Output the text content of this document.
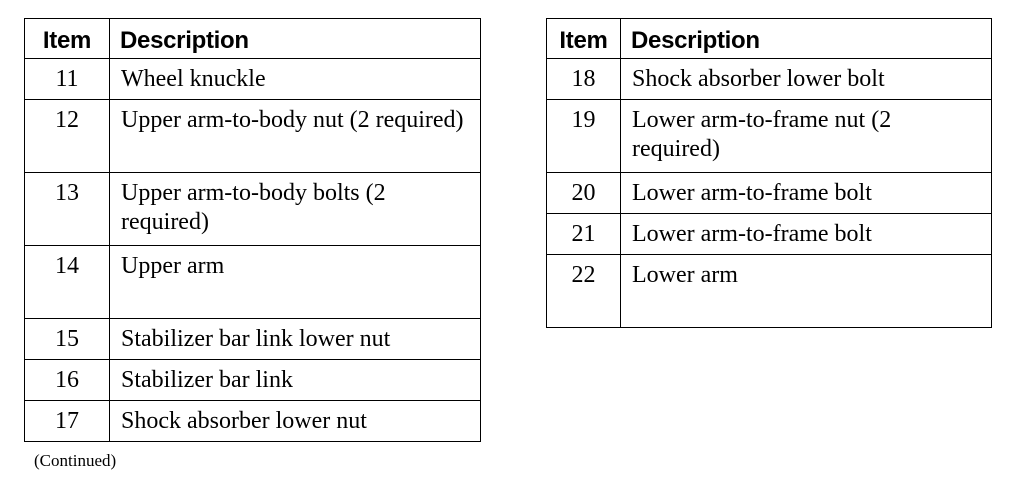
Item	Description
11	Wheel knuckle
12	Upper arm-to-body nut (2 required)
13	Upper arm-to-body bolts (2 required)
14	Upper arm
15	Stabilizer bar link lower nut
16	Stabilizer bar link
17	Shock absorber lower nut
Item	Description
18	Shock absorber lower bolt
19	Lower arm-to-frame nut (2 required)
20	Lower arm-to-frame bolt
21	Lower arm-to-frame bolt
22	Lower arm
(Continued)
